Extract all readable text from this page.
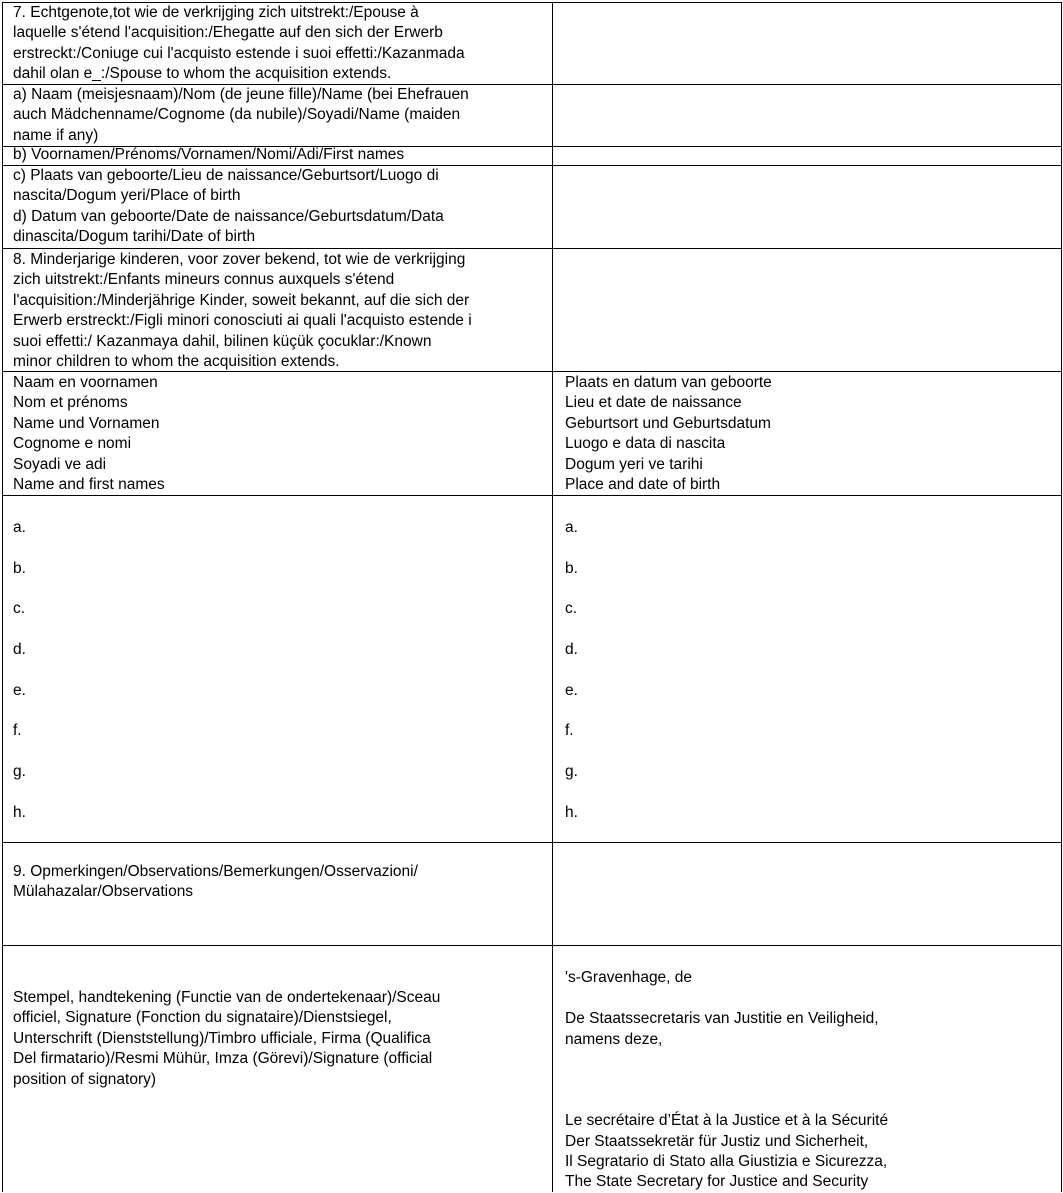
7. Echtgenote,tot wie de verkrijging zich uitstrekt:/Epouse à
laquelle s'étend l'acquisition:/Ehegatte auf den sich der Erwerb
erstreckt:/Coniuge cui l'acquisto estende i suoi effetti:/Kazanmada
dahil olan e_:/Spouse to whom the acquisition extends.
a) Naam (meisjesnaam)/Nom (de jeune fille)/Name (bei Ehefrauen
auch Mädchenname/Cognome (da nubile)/Soyadi/Name (maiden
name if any)
b) Voornamen/Prénoms/Vornamen/Nomi/Adi/First names
c) Plaats van geboorte/Lieu de naissance/Geburtsort/Luogo di
nascita/Dogum yeri/Place of birth
d) Datum van geboorte/Date de naissance/Geburtsdatum/Data
dinascita/Dogum tarihi/Date of birth
8. Minderjarige kinderen, voor zover bekend, tot wie de verkrijging
zich uitstrekt:/Enfants mineurs connus auxquels s'étend
l'acquisition:/Minderjährige Kinder, soweit bekannt, auf die sich der
Erwerb erstreckt:/Figli minori conosciuti ai quali l'acquisto estende i
suoi effetti:/ Kazanmaya dahil, bilinen küçük çocuklar:/Known
minor children to whom the acquisition extends.
Naam en voornamen
Nom et prénoms
Name und Vornamen
Cognome e nomi
Soyadi ve adi
Name and first names
Plaats en datum van geboorte
Lieu et date de naissance
Geburtsort und Geburtsdatum
Luogo e data di nascita
Dogum yeri ve tarihi
Place and date of birth
a.
b.
c.
d.
e.
f.
g.
h.
a.
b.
c.
d.
e.
f.
g.
h.
9. Opmerkingen/Observations/Bemerkungen/Osservazioni/
Mülahazalar/Observations
Stempel, handtekening (Functie van de ondertekenaar)/Sceau
officiel, Signature (Fonction du signataire)/Dienstsiegel,
Unterschrift (Dienststellung)/Timbro ufficiale, Firma (Qualifica
Del firmatario)/Resmi Mühür, Imza (Görevi)/Signature (official
position of signatory)
's-Gravenhage, de
De Staatssecretaris van Justitie en Veiligheid,
namens deze,
Le secrétaire d’État à la Justice et à la Sécurité
Der Staatssekretär für Justiz und Sicherheit,
Il Segratario di Stato alla Giustizia e Sicurezza,
The State Secretary for Justice and Security
